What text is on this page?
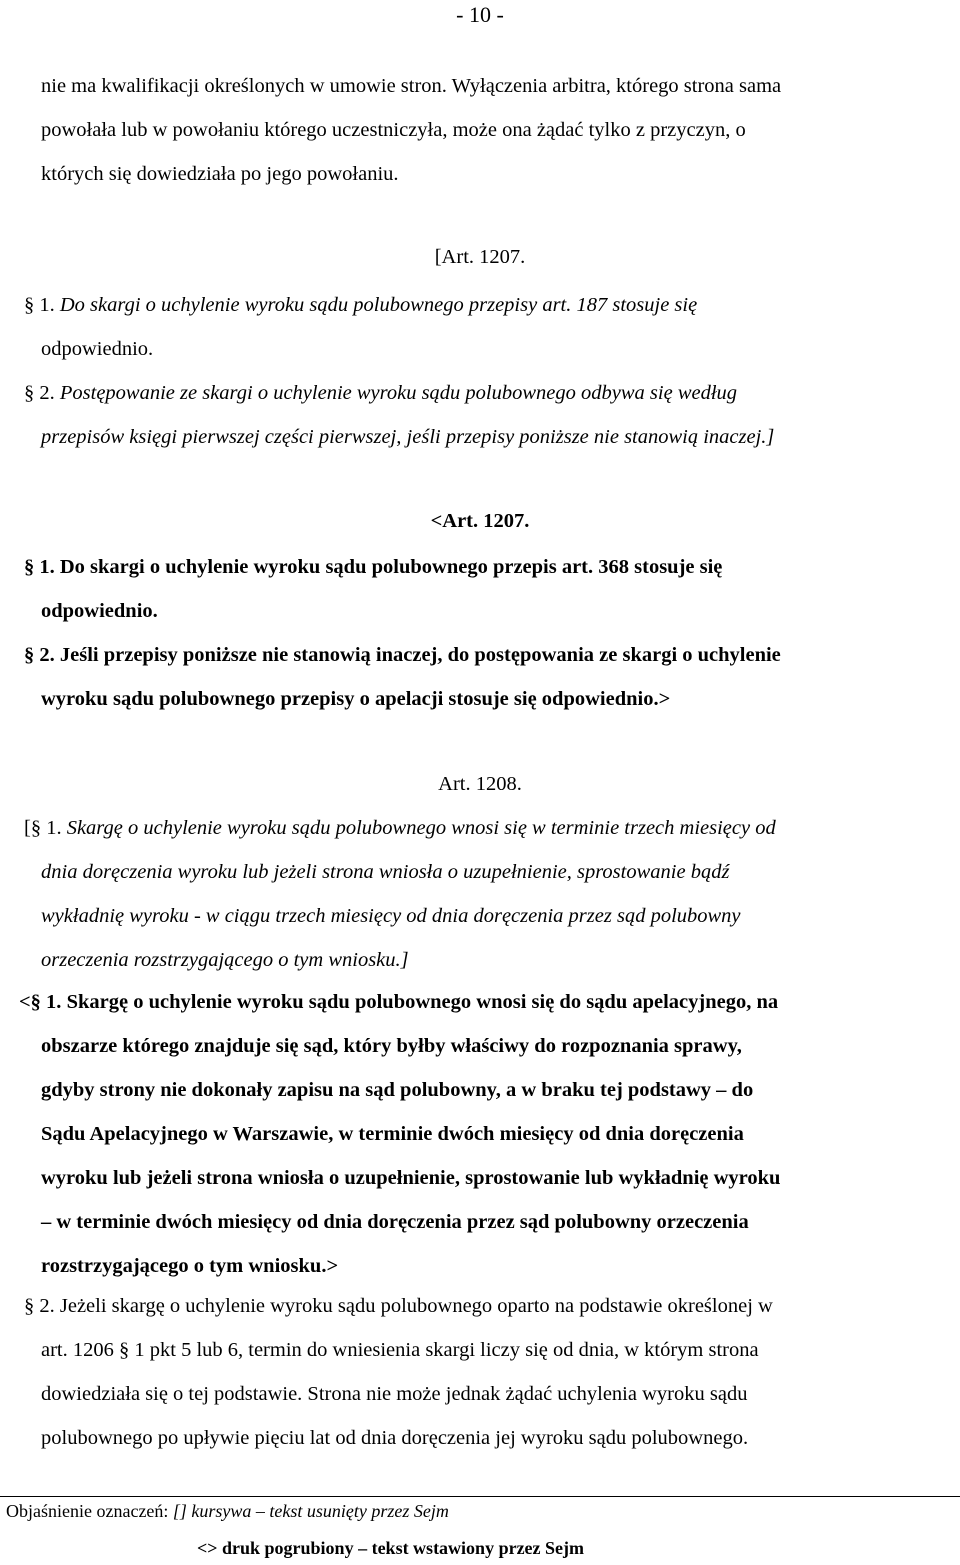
- 10 -
nie ma kwalifikacji określonych w umowie stron. Wyłączenia arbitra, którego strona sama
powołała lub w powołaniu którego uczestniczyła, może ona żądać tylko z przyczyn, o
których się dowiedziała po jego powołaniu.
[Art. 1207.
§ 1. Do skargi o uchylenie wyroku sądu polubownego przepisy art. 187 stosuje się
odpowiednio.
§ 2. Postępowanie ze skargi o uchylenie wyroku sądu polubownego odbywa się według
przepisów księgi pierwszej części pierwszej, jeśli przepisy poniższe nie stanowią inaczej.]
<Art. 1207.
§ 1. Do skargi o uchylenie wyroku sądu polubownego przepis art. 368 stosuje się
odpowiednio.
§ 2. Jeśli przepisy poniższe nie stanowią inaczej, do postępowania ze skargi o uchylenie
wyroku sądu polubownego przepisy o apelacji stosuje się odpowiednio.>
Art. 1208.
[§ 1. Skargę o uchylenie wyroku sądu polubownego wnosi się w terminie trzech miesięcy od
dnia doręczenia wyroku lub jeżeli strona wniosła o uzupełnienie, sprostowanie bądź
wykładnię wyroku - w ciągu trzech miesięcy od dnia doręczenia przez sąd polubowny
orzeczenia rozstrzygającego o tym wniosku.]
<§ 1. Skargę o uchylenie wyroku sądu polubownego wnosi się do sądu apelacyjnego, na
obszarze którego znajduje się sąd, który byłby właściwy do rozpoznania sprawy,
gdyby strony nie dokonały zapisu na sąd polubowny, a w braku tej podstawy – do
Sądu Apelacyjnego w Warszawie, w terminie dwóch miesięcy od dnia doręczenia
wyroku lub jeżeli strona wniosła o uzupełnienie, sprostowanie lub wykładnię wyroku
– w terminie dwóch miesięcy od dnia doręczenia przez sąd polubowny orzeczenia
rozstrzygającego o tym wniosku.>
§ 2. Jeżeli skargę o uchylenie wyroku sądu polubownego oparto na podstawie określonej w
art. 1206 § 1 pkt 5 lub 6, termin do wniesienia skargi liczy się od dnia, w którym strona
dowiedziała się o tej podstawie. Strona nie może jednak żądać uchylenia wyroku sądu
polubownego po upływie pięciu lat od dnia doręczenia jej wyroku sądu polubownego.
Objaśnienie oznaczeń: [] kursywa – tekst usunięty przez Sejm
<> druk pogrubiony – tekst wstawiony przez Sejm
